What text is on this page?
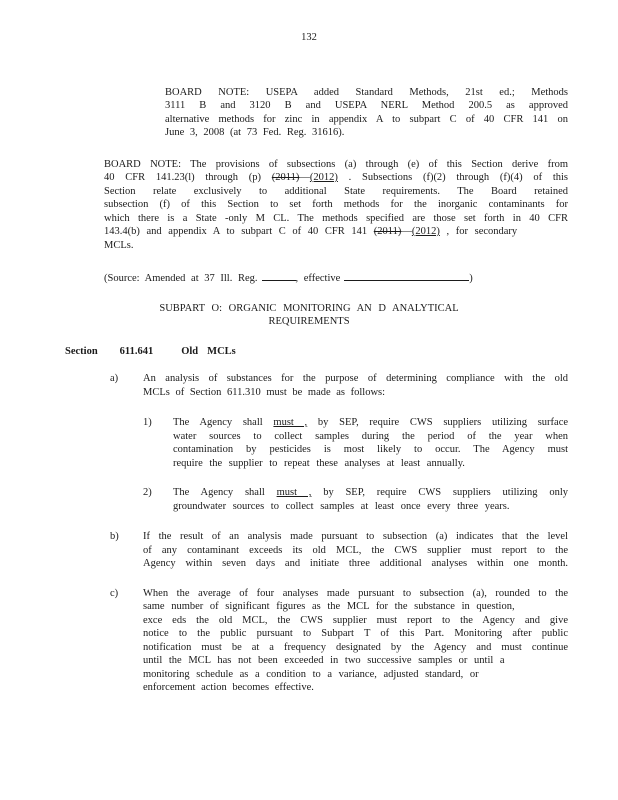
132
BOARD NOTE: USEPA added Standard Methods, 21st ed.; Methods
3111 B and 3120 B and USEPA NERL Method 200.5 as approved
alternative methods for zinc in appendix A to subpart C of 40 CFR 141 on
June 3, 2008 (at 73 Fed. Reg. 31616).
BOARD NOTE: The provisions of subsections (a) through (e) of this Section derive from
40 CFR 141.23(l) through (p) (2011)—(2012) . Subsections (f)(2) through (f)(4) of this
Section relate exclusively to additional State requirements. The Board retained
subsection (f) of this Section to set forth methods for the inorganic contaminants for
which there is a State -only M CL. The methods specified are those set forth in 40 CFR
143.4(b) and appendix A to subpart C of 40 CFR 141 (2011)—(2012) , for secondary
MCLs.
(Source: Amended at 37 Ill. Reg.	, effective	)
SUBPART O: ORGANIC MONITORING AN D ANALYTICAL
REQUIREMENTS
Section 611.641	Old MCLs
a)	An analysis of substances for the purpose of determining compliance with the old
MCLs of Section 611.310 must be made as follows:
1)	The Agency shall must , by SEP, require CWS suppliers utilizing surface
water sources to collect samples during the period of the year when
contamination by pesticides is most likely to occur. The Agency must
require the supplier to repeat these analyses at least annually.
2)	The Agency shall must , by SEP, require CWS suppliers utilizing only
groundwater sources to collect samples at least once every three years.
b)	If the result of an analysis made pursuant to subsection (a) indicates that the level
of any contaminant exceeds its old MCL, the CWS supplier must report to the
Agency within seven days and initiate three additional analyses within one month.
c)	When the average of four analyses made pursuant to subsection (a), rounded to the
same number of significant figures as the MCL for the substance in question,
exce eds the old MCL, the CWS supplier must report to the Agency and give
notice to the public pursuant to Subpart T of this Part. Monitoring after public
notification must be at a frequency designated by the Agency and must continue
until the MCL has not been exceeded in two successive samples or until a
monitoring schedule as a condition to a variance, adjusted standard, or
enforcement action becomes effective.
